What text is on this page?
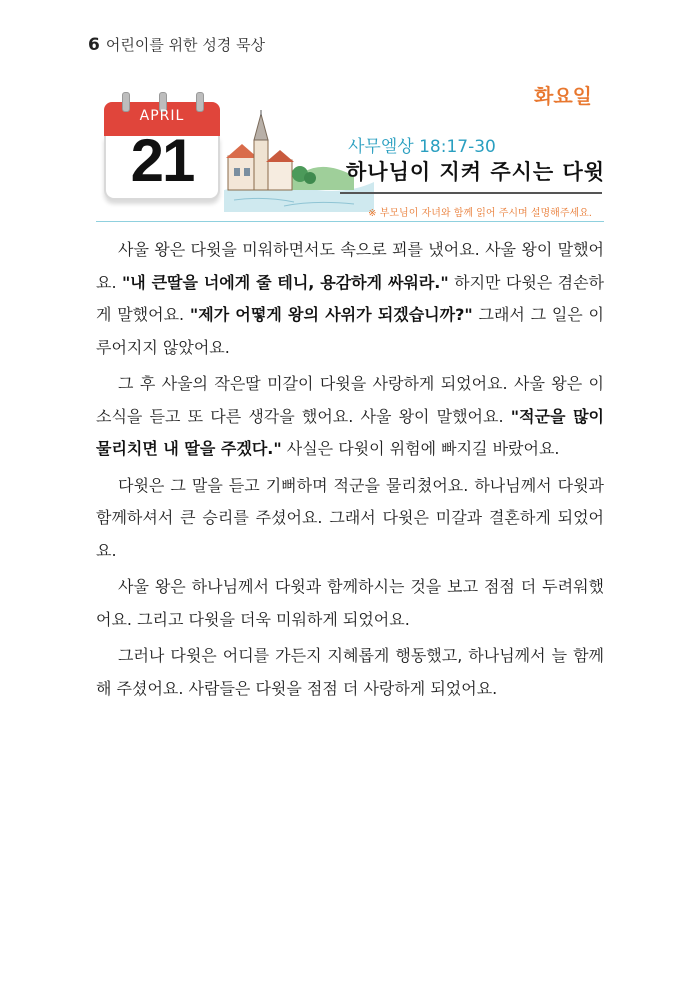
6 어린이를 위한 성경 묵상
화요일
APRIL
21	사무엘상 18:17-30
하나님이 지켜 주시는 다윗
※ 부모님이 자녀와 함께 읽어 주시며 설명해주세요.

사울 왕은 다윗을 미워하면서도 속으로 꾀를 냈어요. 사울 왕이 말했어요. "내 큰딸을 너에게 줄 테니, 용감하게 싸워라." 하지만 다윗은 겸손하게 말했어요. "제가 어떻게 왕의 사위가 되겠습니까?" 그래서 그 일은 이루어지지 않았어요.

그 후 사울의 작은딸 미갈이 다윗을 사랑하게 되었어요. 사울 왕은 이 소식을 듣고 또 다른 생각을 했어요. 사울 왕이 말했어요. "적군을 많이 물리치면 내 딸을 주겠다." 사실은 다윗이 위험에 빠지길 바랐어요.

다윗은 그 말을 듣고 기뻐하며 적군을 물리쳤어요. 하나님께서 다윗과 함께하셔서 큰 승리를 주셨어요. 그래서 다윗은 미갈과 결혼하게 되었어요.

사울 왕은 하나님께서 다윗과 함께하시는 것을 보고 점점 더 두려워했어요. 그리고 다윗을 더욱 미워하게 되었어요.

그러나 다윗은 어디를 가든지 지혜롭게 행동했고, 하나님께서 늘 함께해 주셨어요. 사람들은 다윗을 점점 더 사랑하게 되었어요.
